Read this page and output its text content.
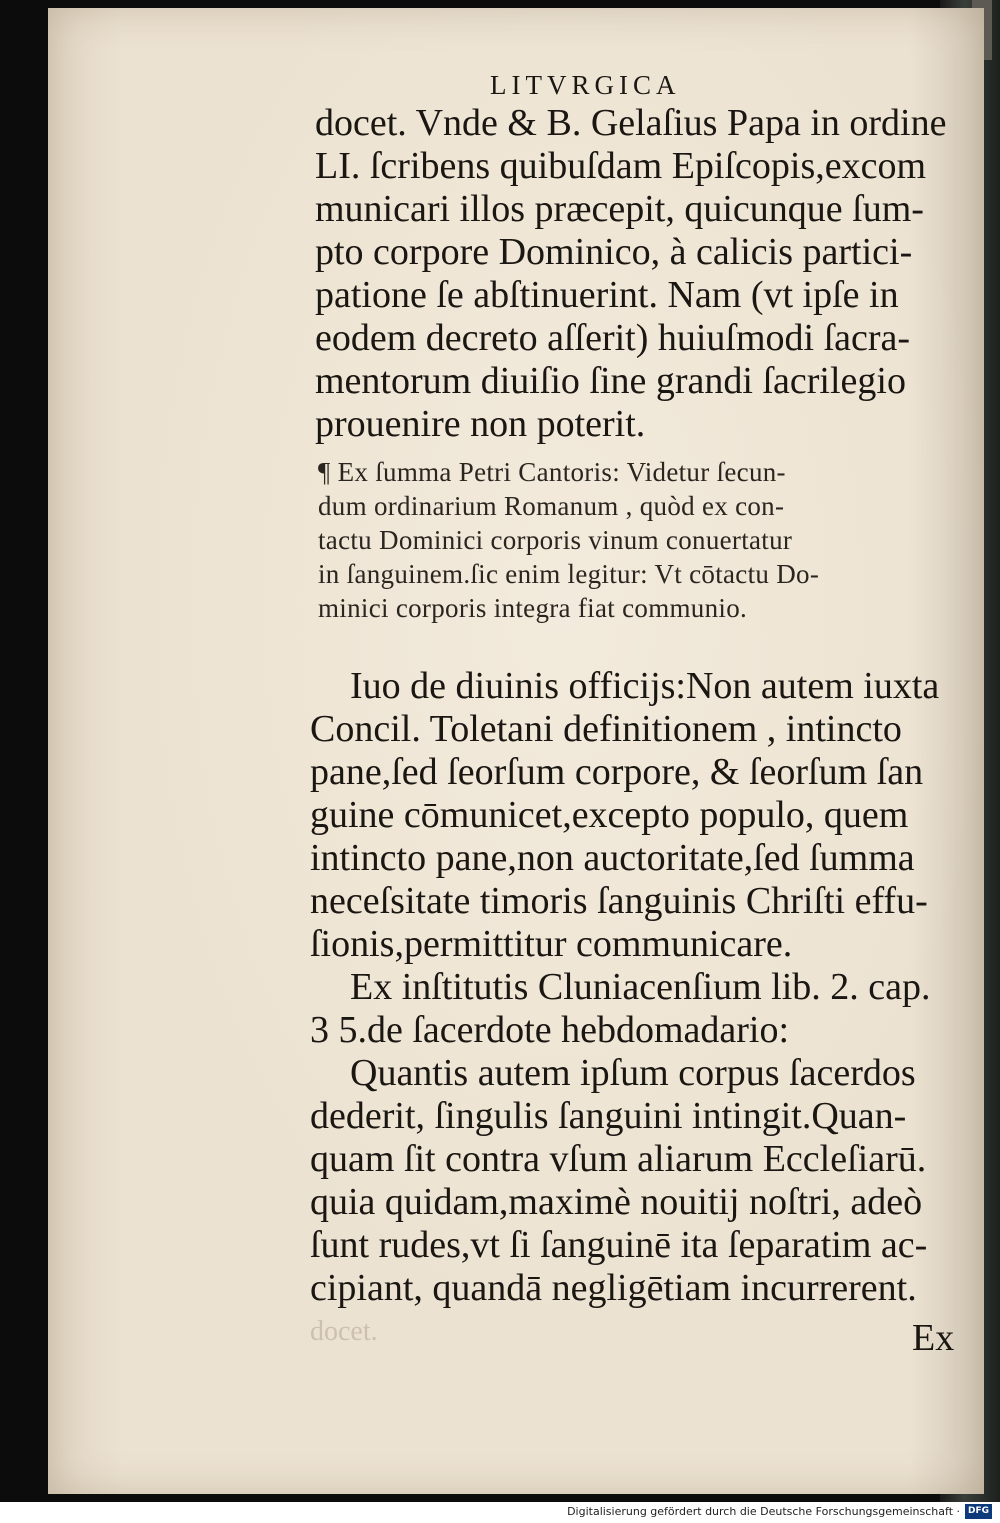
LITVRGICA
docet. Vnde & B. Gelaſius Papa in ordine
LI. ſcribens quibuſdam Epiſcopis,excom
municari illos præcepit, quicunque ſum-
pto corpore Dominico, à calicis partici-
patione ſe abſtinuerint. Nam (vt ipſe in
eodem decreto aſſerit) huiuſmodi ſacra-
mentorum diuiſio ſine grandi ſacrilegio
prouenire non poterit.
¶ Ex ſumma Petri Cantoris: Videtur ſecun-
dum ordinarium Romanum , quòd ex con-
tactu Dominici corporis vinum conuertatur
in ſanguinem.ſic enim legitur: Vt cōtactu Do-
minici corporis integra fiat communio.
Iuo de diuinis officijs:Non autem iuxta
Concil. Toletani definitionem , intincto
pane,ſed ſeorſum corpore, & ſeorſum ſan
guine cōmunicet,excepto populo, quem
intincto pane,non auctoritate,ſed ſumma
neceſsitate timoris ſanguinis Chriſti effu-
ſionis,permittitur communicare.
Ex inſtitutis Cluniacenſium lib. 2. cap.
3 5.de ſacerdote hebdomadario:
Quantis autem ipſum corpus ſacerdos
dederit, ſingulis ſanguini intingit.Quan-
quam ſit contra vſum aliarum Eccleſiarū.
quia quidam,maximè nouitij noſtri, adeò
ſunt rudes,vt ſi ſanguinē ita ſeparatim ac-
cipiant, quandā negligētiam incurrerent.
docet.	Ex
Digitalisierung gefördert durch die Deutsche Forschungsgemeinschaft · DFG
